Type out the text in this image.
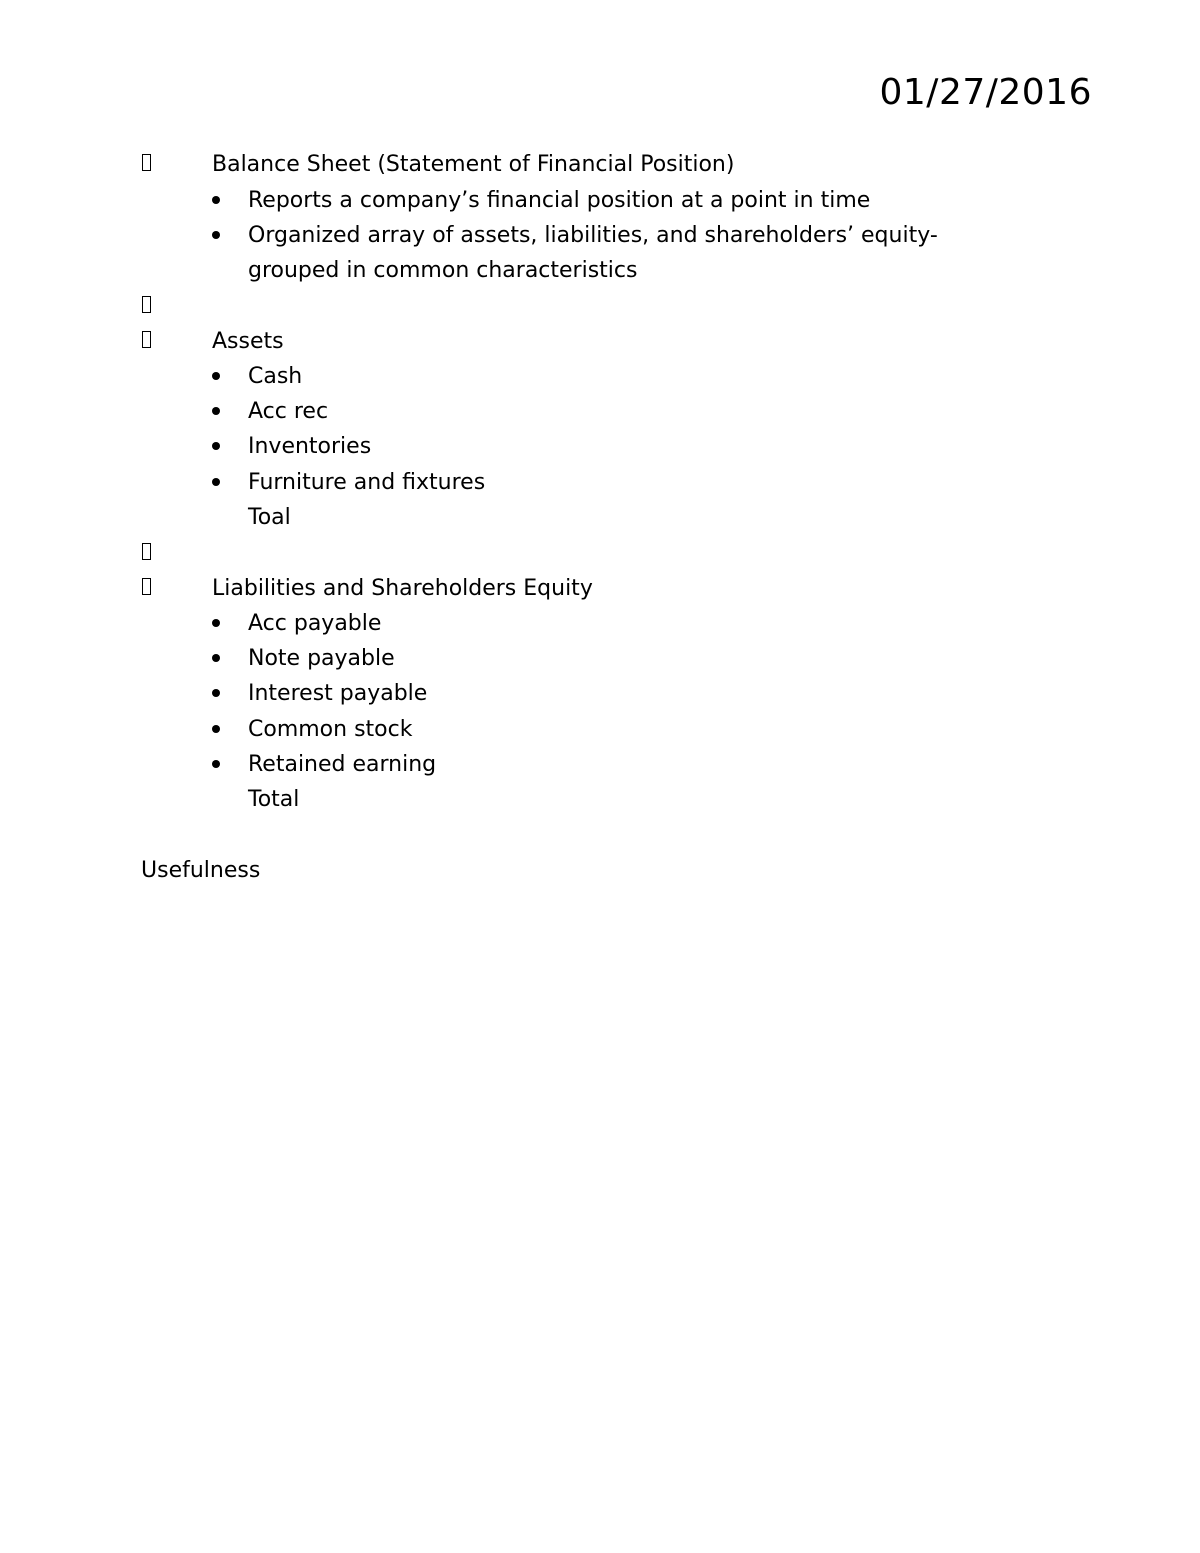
01/27/2016
Balance Sheet (Statement of Financial Position)
Reports a company’s financial position at a point in time
Organized array of assets, liabilities, and shareholders’ equity-
grouped in common characteristics
Assets
Cash
Acc rec
Inventories
Furniture and fixtures
Toal
Liabilities and Shareholders Equity
Acc payable
Note payable
Interest payable
Common stock
Retained earning
Total
Usefulness
